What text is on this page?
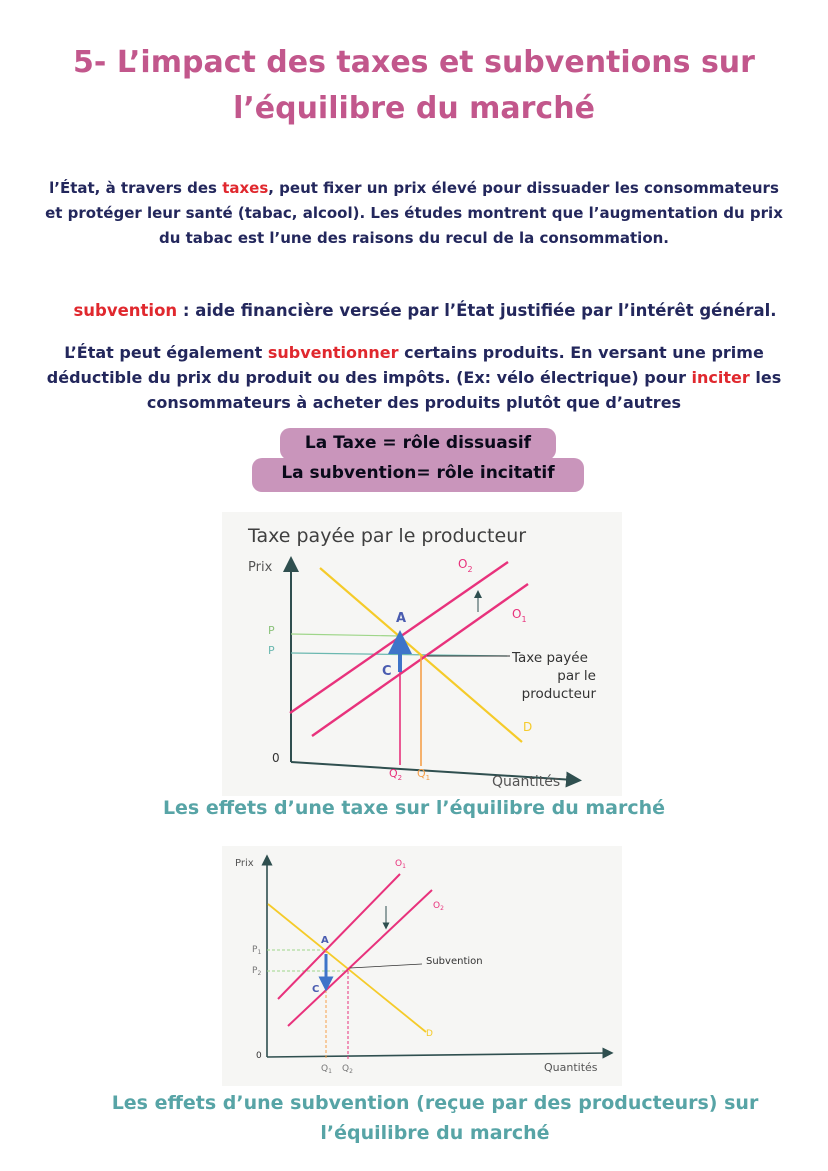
5- L’impact des taxes et subventions sur
l’équilibre du marché

l’État, à travers des taxes, peut fixer un prix élevé pour dissuader les consommateurs et protéger leur santé (tabac, alcool). Les études montrent que l’augmentation du prix du tabac est l’une des raisons du recul de la consommation.

subvention : aide financière versée par l’État justifiée par l’intérêt général.

L’État peut également subventionner certains produits. En versant une prime déductible du prix du produit ou des impôts. (Ex: vélo électrique) pour inciter les consommateurs à acheter des produits plutôt que d’autres

La Taxe = rôle dissuasif
La subvention= rôle incitatif
Taxe payée par le producteur
Prix
Quantités
0
P
P
D
$O_2$
$O_1$
$Q_2$ $Q_1$
A
C
Taxe payée
par le
producteur
Les effets d’une taxe sur l’équilibre du marché
Prix
Quantités
0
$P_1$
$P_2$
D
$O_1$
$O_2$
$Q_1$ $Q_2$
A
C
Subvention
Les effets d’une subvention (reçue par des producteurs) sur
l’équilibre du marché
